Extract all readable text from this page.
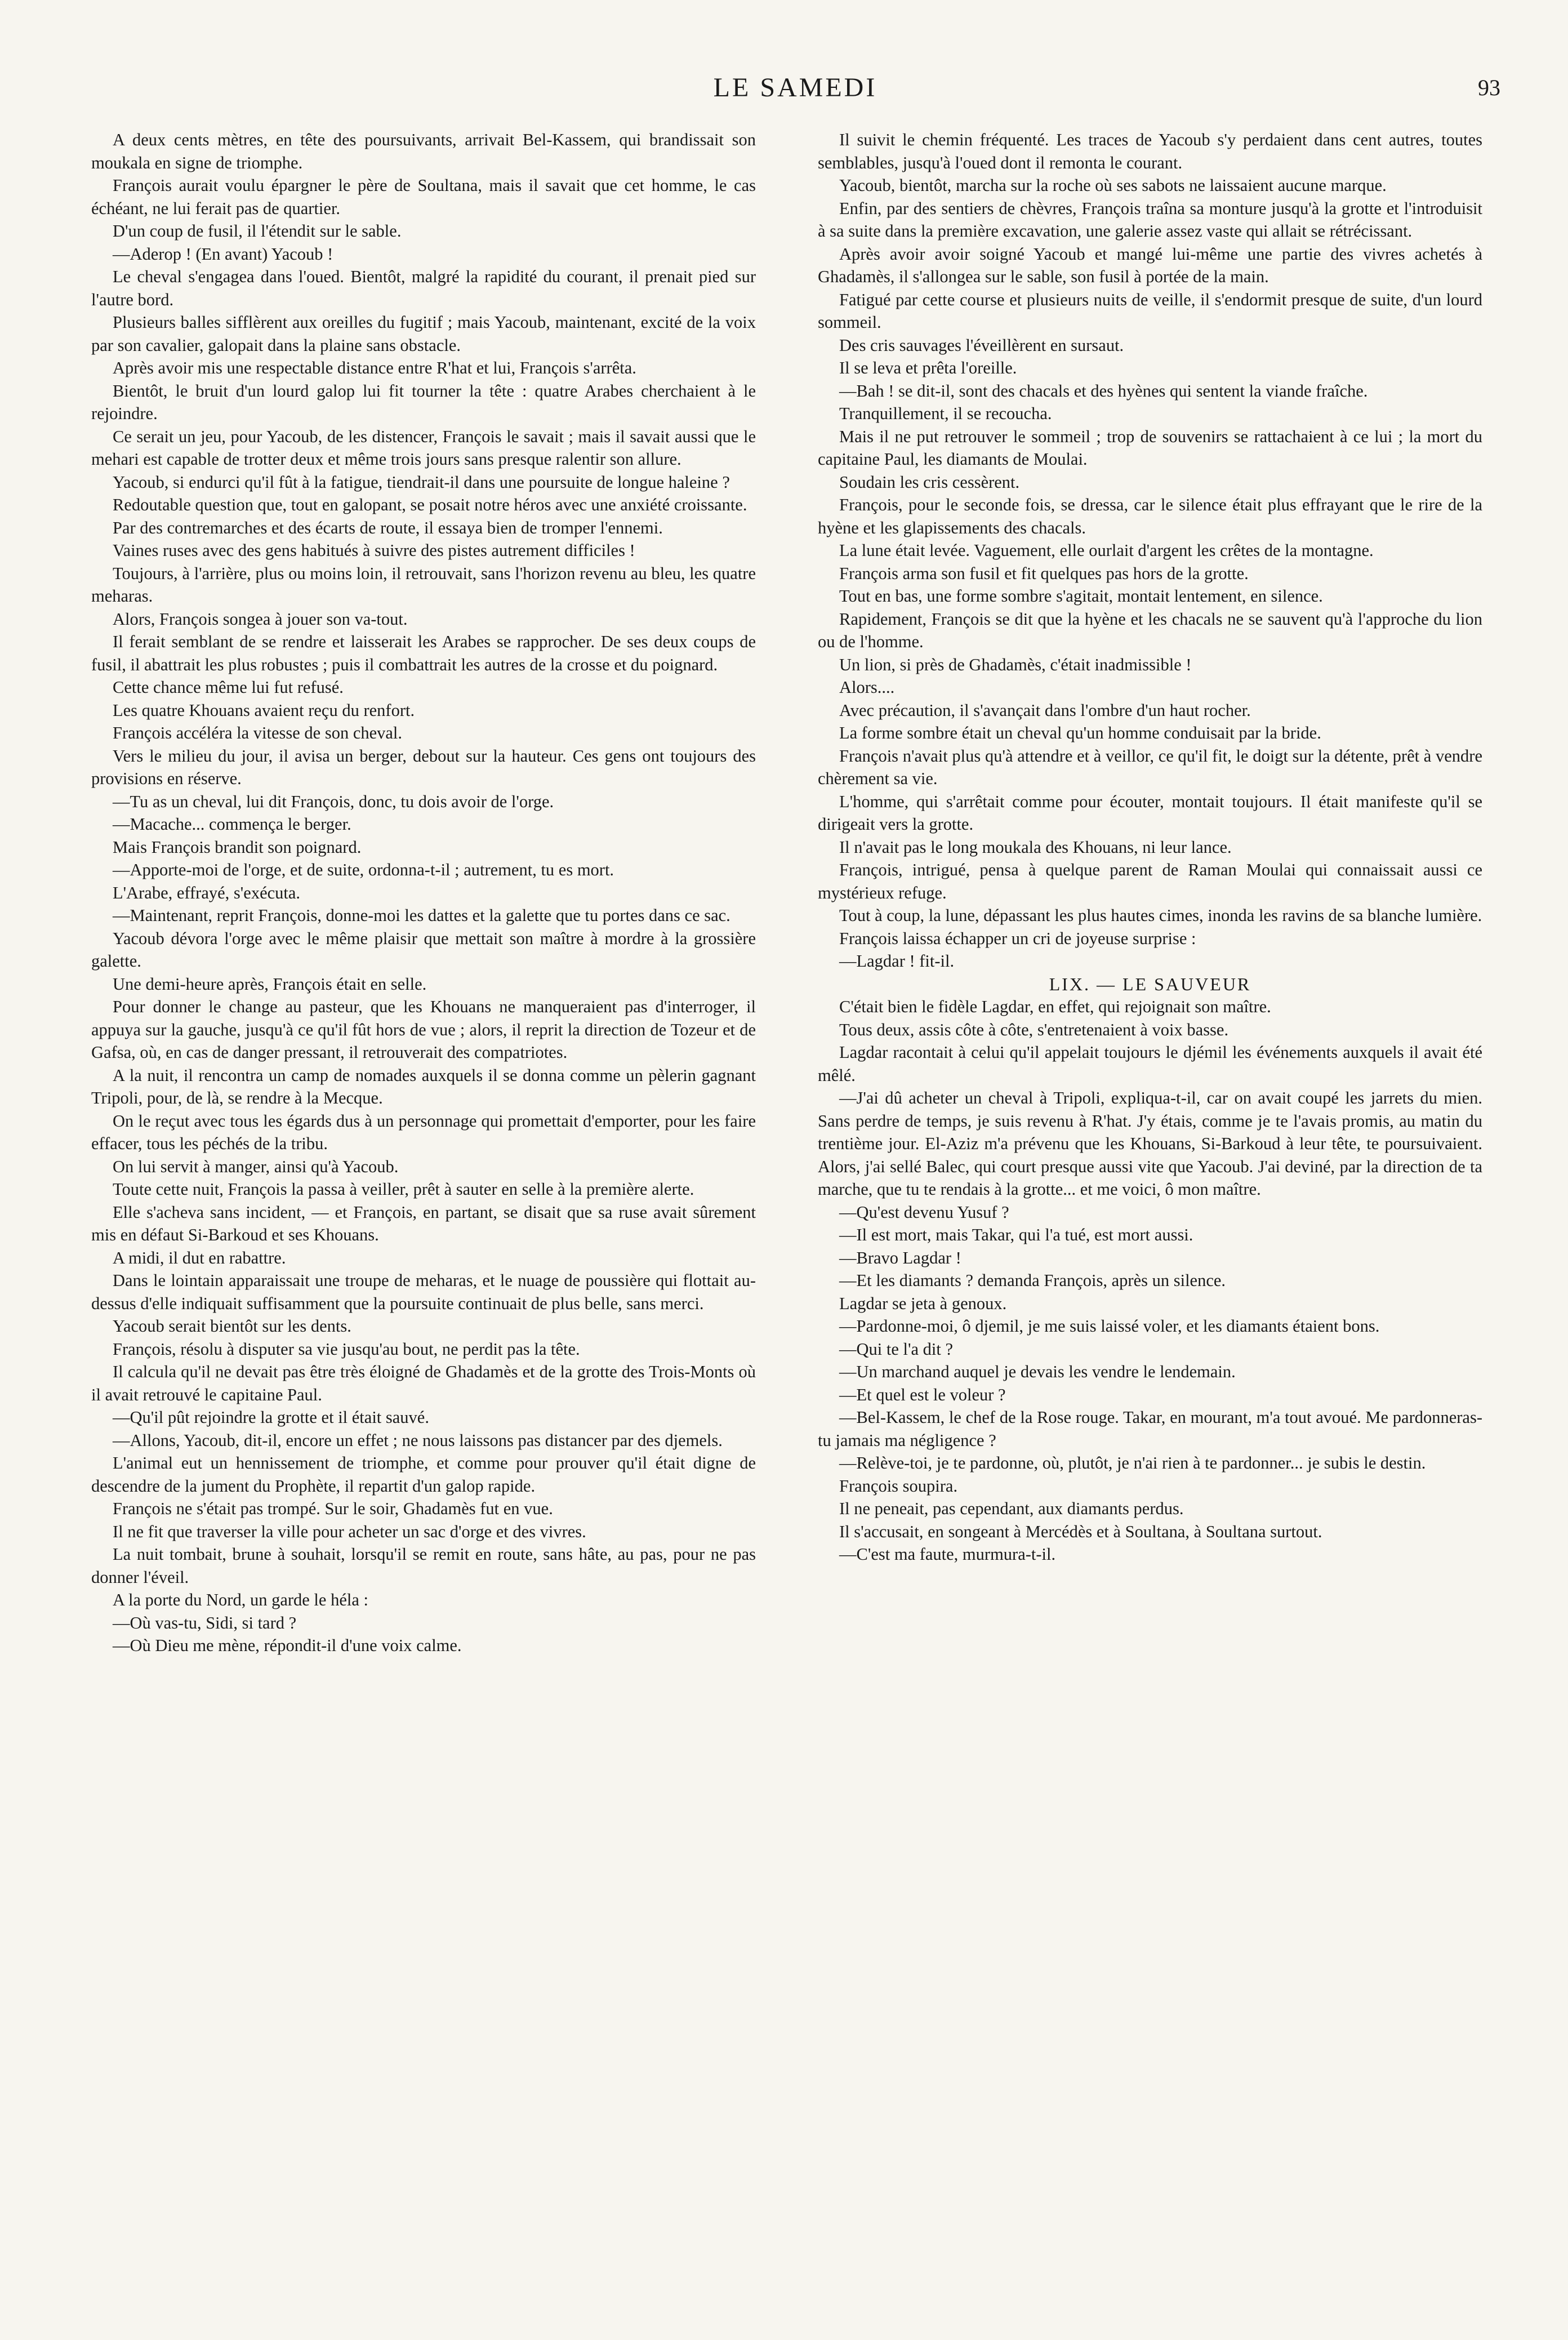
LE SAMEDI	93

A deux cents mètres, en tête des poursuivants, arrivait Bel-Kassem, qui brandissait son moukala en signe de triomphe.

François aurait voulu épargner le père de Soultana, mais il savait que cet homme, le cas échéant, ne lui ferait pas de quartier.

D'un coup de fusil, il l'étendit sur le sable.

—Aderop ! (En avant) Yacoub !

Le cheval s'engagea dans l'oued. Bientôt, malgré la rapidité du courant, il prenait pied sur l'autre bord.

Plusieurs balles sifflèrent aux oreilles du fugitif ; mais Yacoub, maintenant, excité de la voix par son cavalier, galopait dans la plaine sans obstacle.

Après avoir mis une respectable distance entre R'hat et lui, François s'arrêta.

Bientôt, le bruit d'un lourd galop lui fit tourner la tête : quatre Arabes cherchaient à le rejoindre.

Ce serait un jeu, pour Yacoub, de les distencer, François le savait ; mais il savait aussi que le mehari est capable de trotter deux et même trois jours sans presque ralentir son allure.

Yacoub, si endurci qu'il fût à la fatigue, tiendrait-il dans une poursuite de longue haleine ?

Redoutable question que, tout en galopant, se posait notre héros avec une anxiété croissante.

Par des contremarches et des écarts de route, il essaya bien de tromper l'ennemi.

Vaines ruses avec des gens habitués à suivre des pistes autrement difficiles !

Toujours, à l'arrière, plus ou moins loin, il retrouvait, sans l'horizon revenu au bleu, les quatre meharas.

Alors, François songea à jouer son va-tout.

Il ferait semblant de se rendre et laisserait les Arabes se rapprocher. De ses deux coups de fusil, il abattrait les plus robustes ; puis il combattrait les autres de la crosse et du poignard.

Cette chance même lui fut refusé.

Les quatre Khouans avaient reçu du renfort.

François accéléra la vitesse de son cheval.

Vers le milieu du jour, il avisa un berger, debout sur la hauteur. Ces gens ont toujours des provisions en réserve.

—Tu as un cheval, lui dit François, donc, tu dois avoir de l'orge.

—Macache... commença le berger.

Mais François brandit son poignard.

—Apporte-moi de l'orge, et de suite, ordonna-t-il ; autrement, tu es mort.

L'Arabe, effrayé, s'exécuta.

—Maintenant, reprit François, donne-moi les dattes et la galette que tu portes dans ce sac.

Yacoub dévora l'orge avec le même plaisir que mettait son maître à mordre à la grossière galette.

Une demi-heure après, François était en selle.

Pour donner le change au pasteur, que les Khouans ne manqueraient pas d'interroger, il appuya sur la gauche, jusqu'à ce qu'il fût hors de vue ; alors, il reprit la direction de Tozeur et de Gafsa, où, en cas de danger pressant, il retrouverait des compatriotes.

A la nuit, il rencontra un camp de nomades auxquels il se donna comme un pèlerin gagnant Tripoli, pour, de là, se rendre à la Mecque.

On le reçut avec tous les égards dus à un personnage qui promettait d'emporter, pour les faire effacer, tous les péchés de la tribu.

On lui servit à manger, ainsi qu'à Yacoub.

Toute cette nuit, François la passa à veiller, prêt à sauter en selle à la première alerte.

Elle s'acheva sans incident, — et François, en partant, se disait que sa ruse avait sûrement mis en défaut Si-Barkoud et ses Khouans.

A midi, il dut en rabattre.

Dans le lointain apparaissait une troupe de meharas, et le nuage de poussière qui flottait au-dessus d'elle indiquait suffisamment que la poursuite continuait de plus belle, sans merci.

Yacoub serait bientôt sur les dents.

François, résolu à disputer sa vie jusqu'au bout, ne perdit pas la tête.

Il calcula qu'il ne devait pas être très éloigné de Ghadamès et de la grotte des Trois-Monts où il avait retrouvé le capitaine Paul.

—Qu'il pût rejoindre la grotte et il était sauvé.

—Allons, Yacoub, dit-il, encore un effet ; ne nous laissons pas distancer par des djemels.

L'animal eut un hennissement de triomphe, et comme pour prouver qu'il était digne de descendre de la jument du Prophète, il repartit d'un galop rapide.

François ne s'était pas trompé. Sur le soir, Ghadamès fut en vue.

Il ne fit que traverser la ville pour acheter un sac d'orge et des vivres.

La nuit tombait, brune à souhait, lorsqu'il se remit en route, sans hâte, au pas, pour ne pas donner l'éveil.

A la porte du Nord, un garde le héla :

—Où vas-tu, Sidi, si tard ?

—Où Dieu me mène, répondit-il d'une voix calme.

Il suivit le chemin fréquenté. Les traces de Yacoub s'y perdaient dans cent autres, toutes semblables, jusqu'à l'oued dont il remonta le courant.

Yacoub, bientôt, marcha sur la roche où ses sabots ne laissaient aucune marque.

Enfin, par des sentiers de chèvres, François traîna sa monture jusqu'à la grotte et l'introduisit à sa suite dans la première excavation, une galerie assez vaste qui allait se rétrécissant.

Après avoir avoir soigné Yacoub et mangé lui-même une partie des vivres achetés à Ghadamès, il s'allongea sur le sable, son fusil à portée de la main.

Fatigué par cette course et plusieurs nuits de veille, il s'endormit presque de suite, d'un lourd sommeil.

Des cris sauvages l'éveillèrent en sursaut.

Il se leva et prêta l'oreille.

—Bah ! se dit-il, sont des chacals et des hyènes qui sentent la viande fraîche.

Tranquillement, il se recoucha.

Mais il ne put retrouver le sommeil ; trop de souvenirs se rattachaient à ce lui ; la mort du capitaine Paul, les diamants de Moulai.

Soudain les cris cessèrent.

François, pour le seconde fois, se dressa, car le silence était plus effrayant que le rire de la hyène et les glapissements des chacals.

La lune était levée. Vaguement, elle ourlait d'argent les crêtes de la montagne.

François arma son fusil et fit quelques pas hors de la grotte.

Tout en bas, une forme sombre s'agitait, montait lentement, en silence.

Rapidement, François se dit que la hyène et les chacals ne se sauvent qu'à l'approche du lion ou de l'homme.

Un lion, si près de Ghadamès, c'était inadmissible !

Alors....

Avec précaution, il s'avançait dans l'ombre d'un haut rocher.

La forme sombre était un cheval qu'un homme conduisait par la bride.

François n'avait plus qu'à attendre et à veillor, ce qu'il fit, le doigt sur la détente, prêt à vendre chèrement sa vie.

L'homme, qui s'arrêtait comme pour écouter, montait toujours. Il était manifeste qu'il se dirigeait vers la grotte.

Il n'avait pas le long moukala des Khouans, ni leur lance.

François, intrigué, pensa à quelque parent de Raman Moulai qui connaissait aussi ce mystérieux refuge.

Tout à coup, la lune, dépassant les plus hautes cimes, inonda les ravins de sa blanche lumière.

François laissa échapper un cri de joyeuse surprise :

—Lagdar ! fit-il.

LIX. — LE SAUVEUR

C'était bien le fidèle Lagdar, en effet, qui rejoignait son maître.

Tous deux, assis côte à côte, s'entretenaient à voix basse.

Lagdar racontait à celui qu'il appelait toujours le djémil les événements auxquels il avait été mêlé.

—J'ai dû acheter un cheval à Tripoli, expliqua-t-il, car on avait coupé les jarrets du mien. Sans perdre de temps, je suis revenu à R'hat. J'y étais, comme je te l'avais promis, au matin du trentième jour. El-Aziz m'a prévenu que les Khouans, Si-Barkoud à leur tête, te poursuivaient. Alors, j'ai sellé Balec, qui court presque aussi vite que Yacoub. J'ai deviné, par la direction de ta marche, que tu te rendais à la grotte... et me voici, ô mon maître.

—Qu'est devenu Yusuf ?

—Il est mort, mais Takar, qui l'a tué, est mort aussi.

—Bravo Lagdar !

—Et les diamants ? demanda François, après un silence.

Lagdar se jeta à genoux.

—Pardonne-moi, ô djemil, je me suis laissé voler, et les diamants étaient bons.

—Qui te l'a dit ?

—Un marchand auquel je devais les vendre le lendemain.

—Et quel est le voleur ?

—Bel-Kassem, le chef de la Rose rouge. Takar, en mourant, m'a tout avoué. Me pardonneras-tu jamais ma négligence ?

—Relève-toi, je te pardonne, où, plutôt, je n'ai rien à te pardonner... je subis le destin.

François soupira.

Il ne peneait, pas cependant, aux diamants perdus.

Il s'accusait, en songeant à Mercédès et à Soultana, à Soultana surtout.

—C'est ma faute, murmura-t-il.
